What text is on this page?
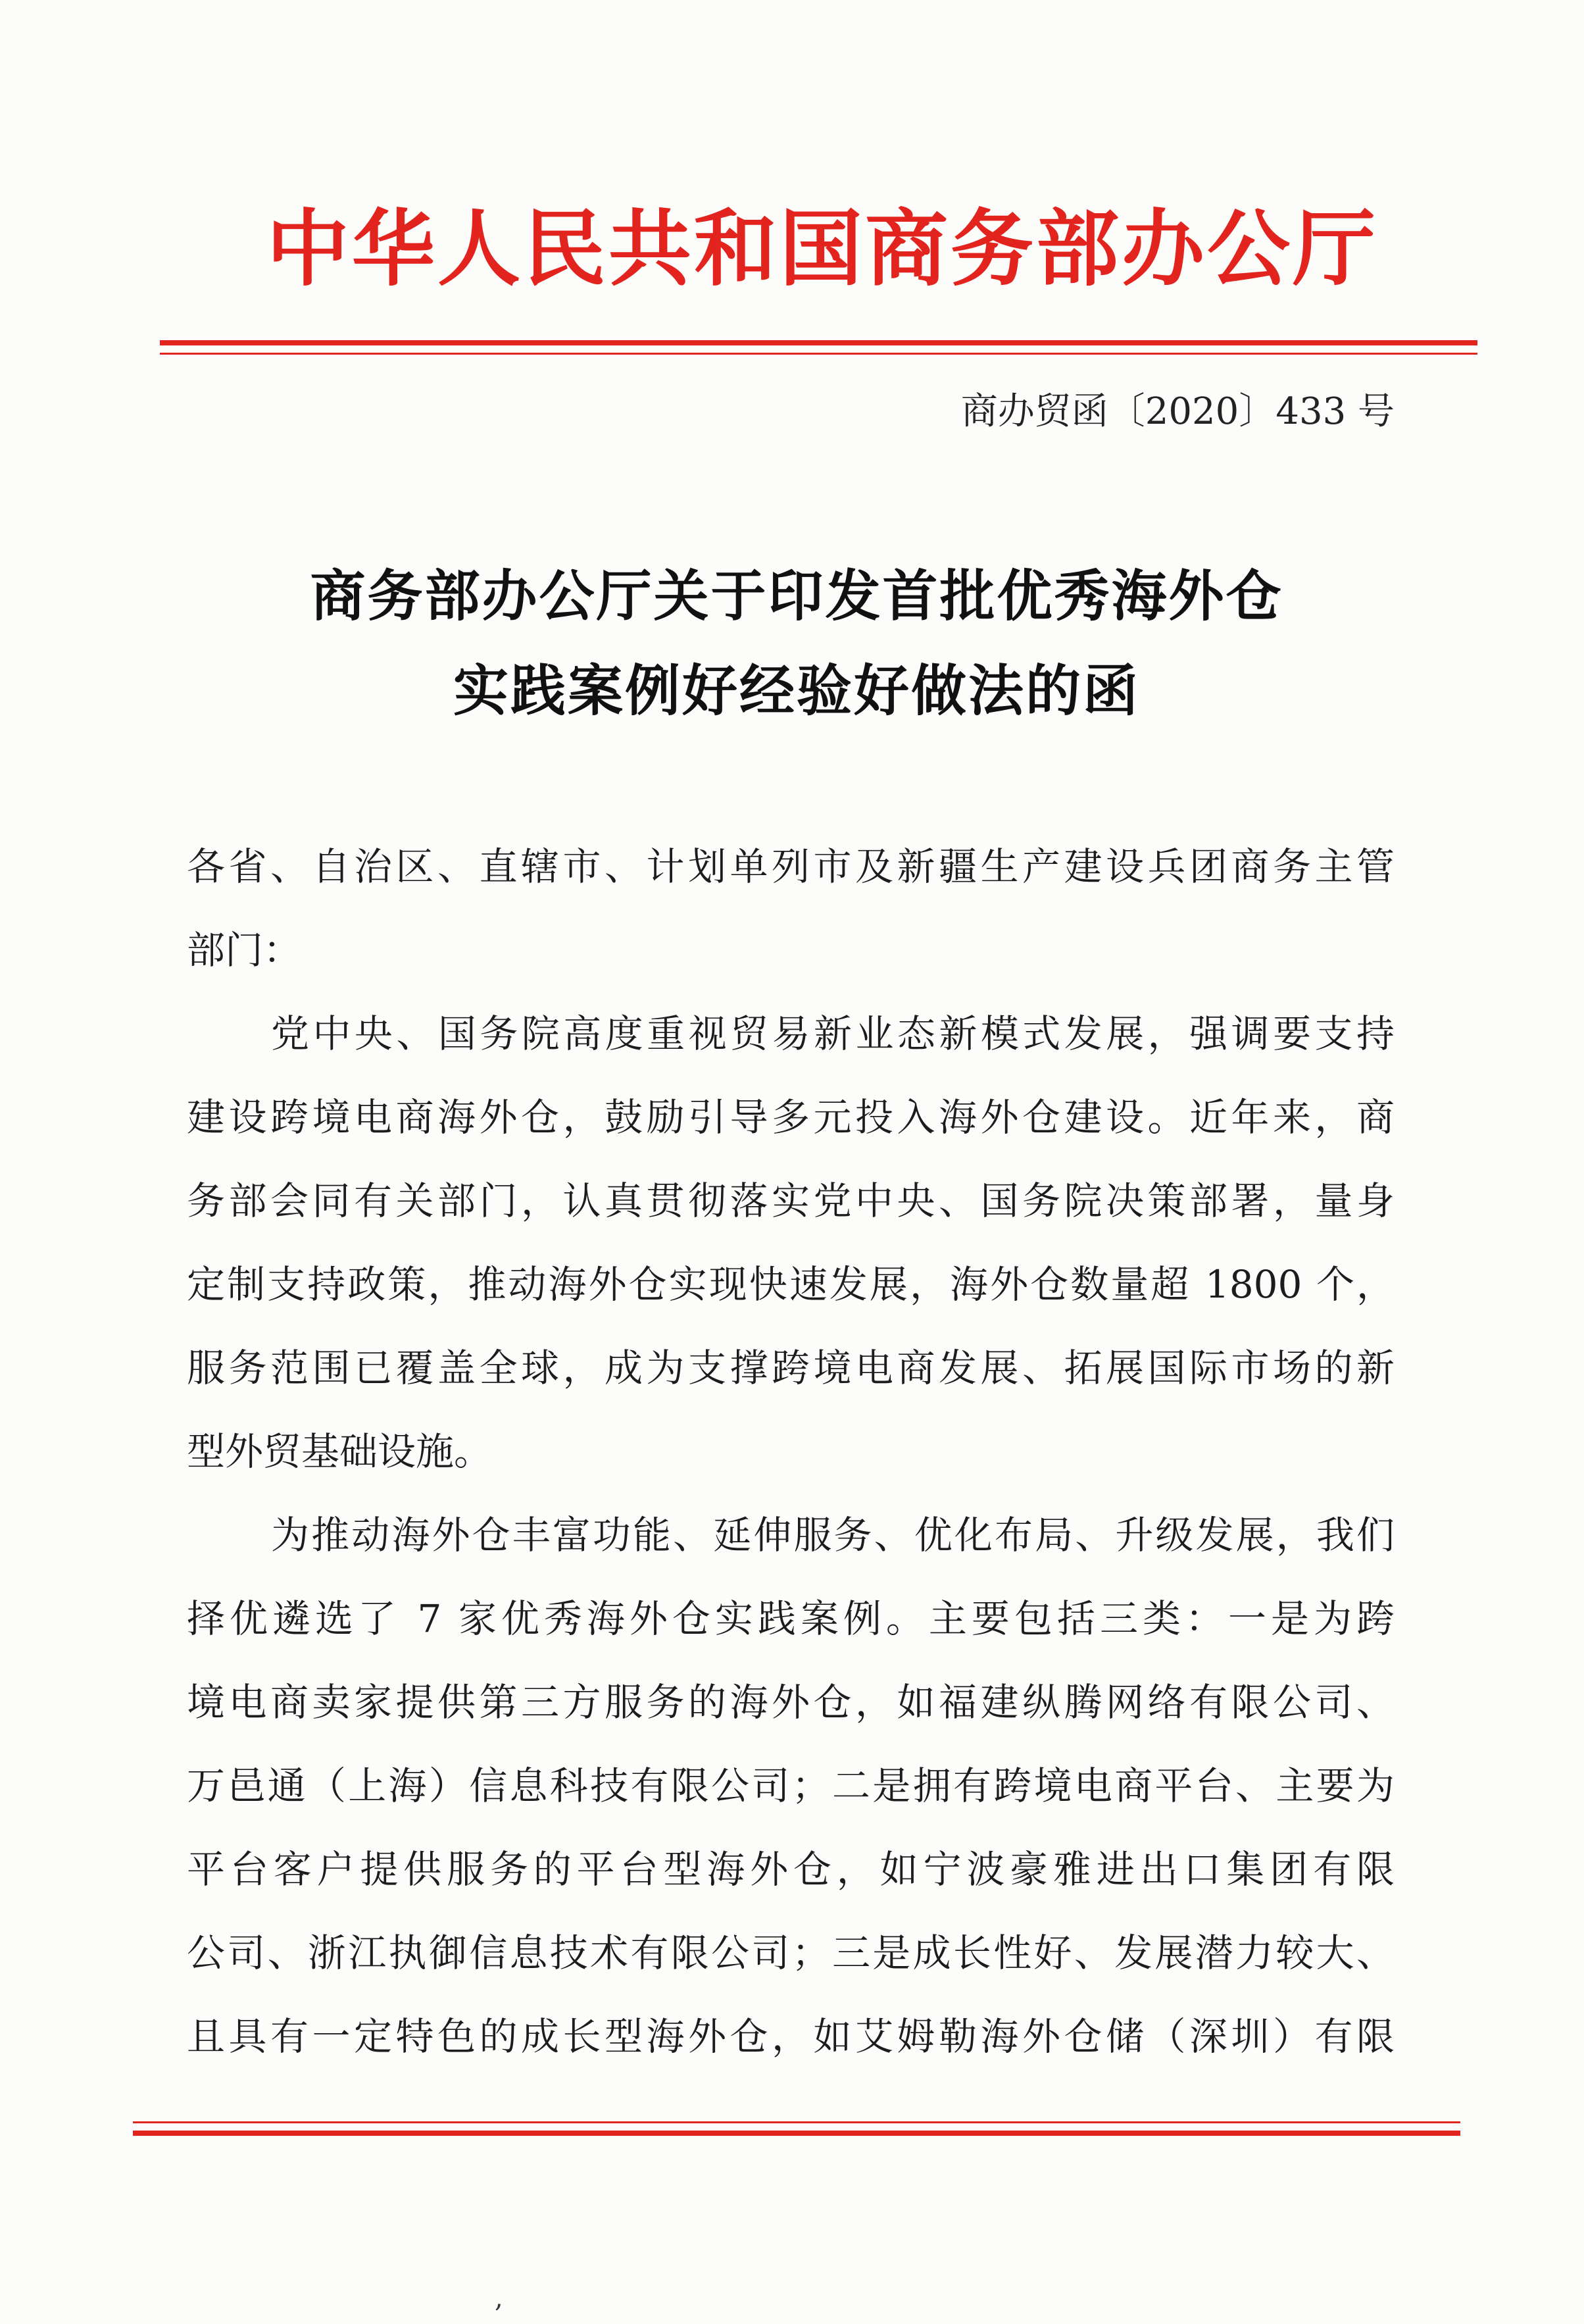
中华人民共和国商务部办公厅
商办贸函〔2020〕433 号
商务部办公厅关于印发首批优秀海外仓
实践案例好经验好做法的函
各省、自治区、直辖市、计划单列市及新疆生产建设兵团商务主管
部门：
党中央、国务院高度重视贸易新业态新模式发展，强调要支持
建设跨境电商海外仓，鼓励引导多元投入海外仓建设。近年来，商
务部会同有关部门，认真贯彻落实党中央、国务院决策部署，量身
定制支持政策，推动海外仓实现快速发展，海外仓数量超 1800 个，
服务范围已覆盖全球，成为支撑跨境电商发展、拓展国际市场的新
型外贸基础设施。
为推动海外仓丰富功能、延伸服务、优化布局、升级发展，我们
择优遴选了 7 家优秀海外仓实践案例。主要包括三类：一是为跨
境电商卖家提供第三方服务的海外仓，如福建纵腾网络有限公司、
万邑通（上海）信息科技有限公司；二是拥有跨境电商平台、主要为
平台客户提供服务的平台型海外仓，如宁波豪雅进出口集团有限
公司、浙江执御信息技术有限公司；三是成长性好、发展潜力较大、
且具有一定特色的成长型海外仓，如艾姆勒海外仓储（深圳）有限
,
